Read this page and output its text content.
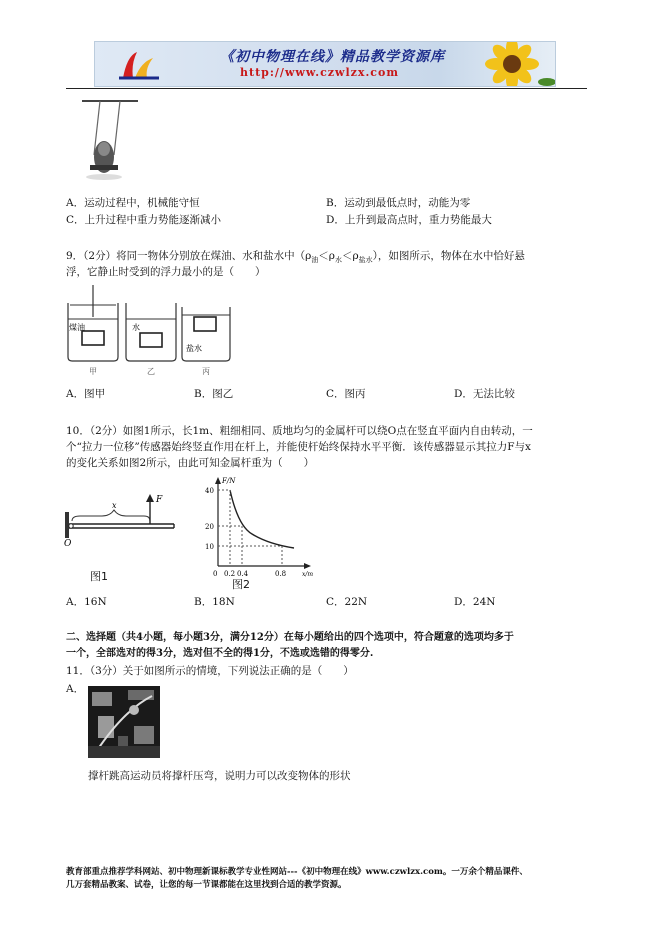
《初中物理在线》精品教学资源库
http://www.czwlzx.com
A．运动过程中，机械能守恒	B．运动到最低点时，动能为零
C．上升过程中重力势能逐渐减小	D．上升到最高点时，重力势能最大
9．（2分）将同一物体分别放在煤油、水和盐水中$(\rho_油<\rho_水<\rho_{盐水})$，如图所示，物体在水中恰好悬
浮，它静止时受到的浮力最小的是（　　）
煤油	水
盐水
甲	乙	丙
A．图甲	B．图乙	C．图丙	D．无法比较
10．（2分）如图1所示，长1m、粗细相同、质地均匀的金属杆可以绕O点在竖直平面内自由转动，一
个“拉力一位移”传感器始终竖直作用在杆上，并能使杆始终保持水平平衡．该传感器显示其拉力F与x
的变化关系如图2所示，由此可知金属杆重为（　　）
O
x
F
图1
F/N
x/m
40
20
10
0 0.2 0.4	0.8
图2
A．16N	B．18N	C．22N	D．24N
二、选择题（共4小题，每小题3分，满分12分）在每小题给出的四个选项中，符合题意的选项均多于
一个，全部选对的得3分，选对但不全的得1分，不选或选错的得零分.
11．（3分）关于如图所示的情境，下列说法正确的是（　　）
A．
撑杆跳高运动员将撑杆压弯，说明力可以改变物体的形状
教育部重点推荐学科网站、初中物理新课标教学专业性网站---《初中物理在线》www.czwlzx.com。一万余个精品课件、
几万套精品教案、试卷，让您的每一节课都能在这里找到合适的教学资源。
